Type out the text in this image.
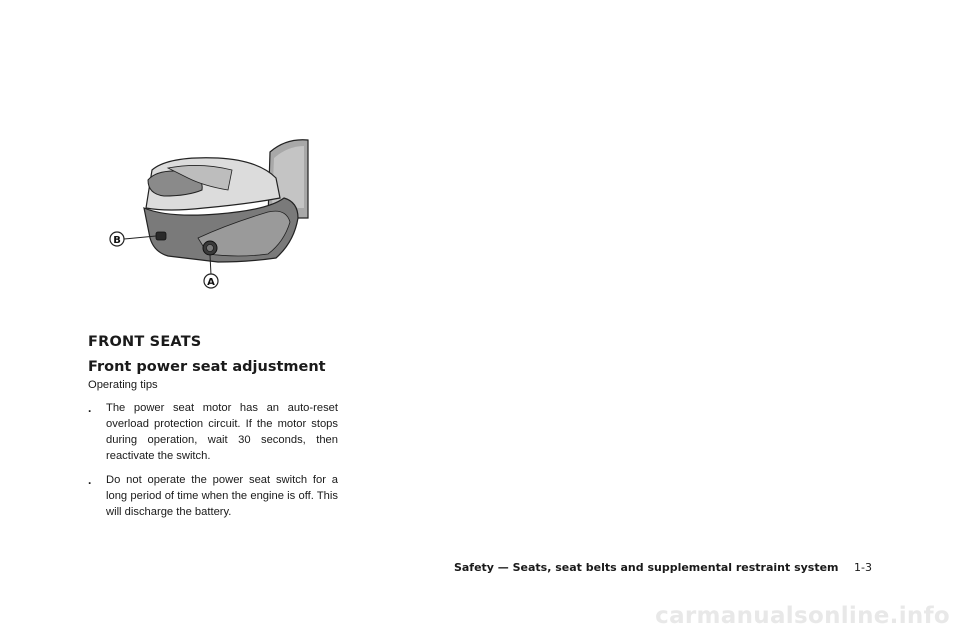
B
A
FRONT SEATS
Front power seat adjustment

Operating tips

. The power seat motor has an auto-reset overload protection circuit. If the motor stops during operation, wait 30 seconds, then reactivate the switch.
. Do not operate the power seat switch for a long period of time when the engine is off. This will discharge the battery.
Safety — Seats, seat belts and supplemental restraint system 1-3
carmanualsonline.info
